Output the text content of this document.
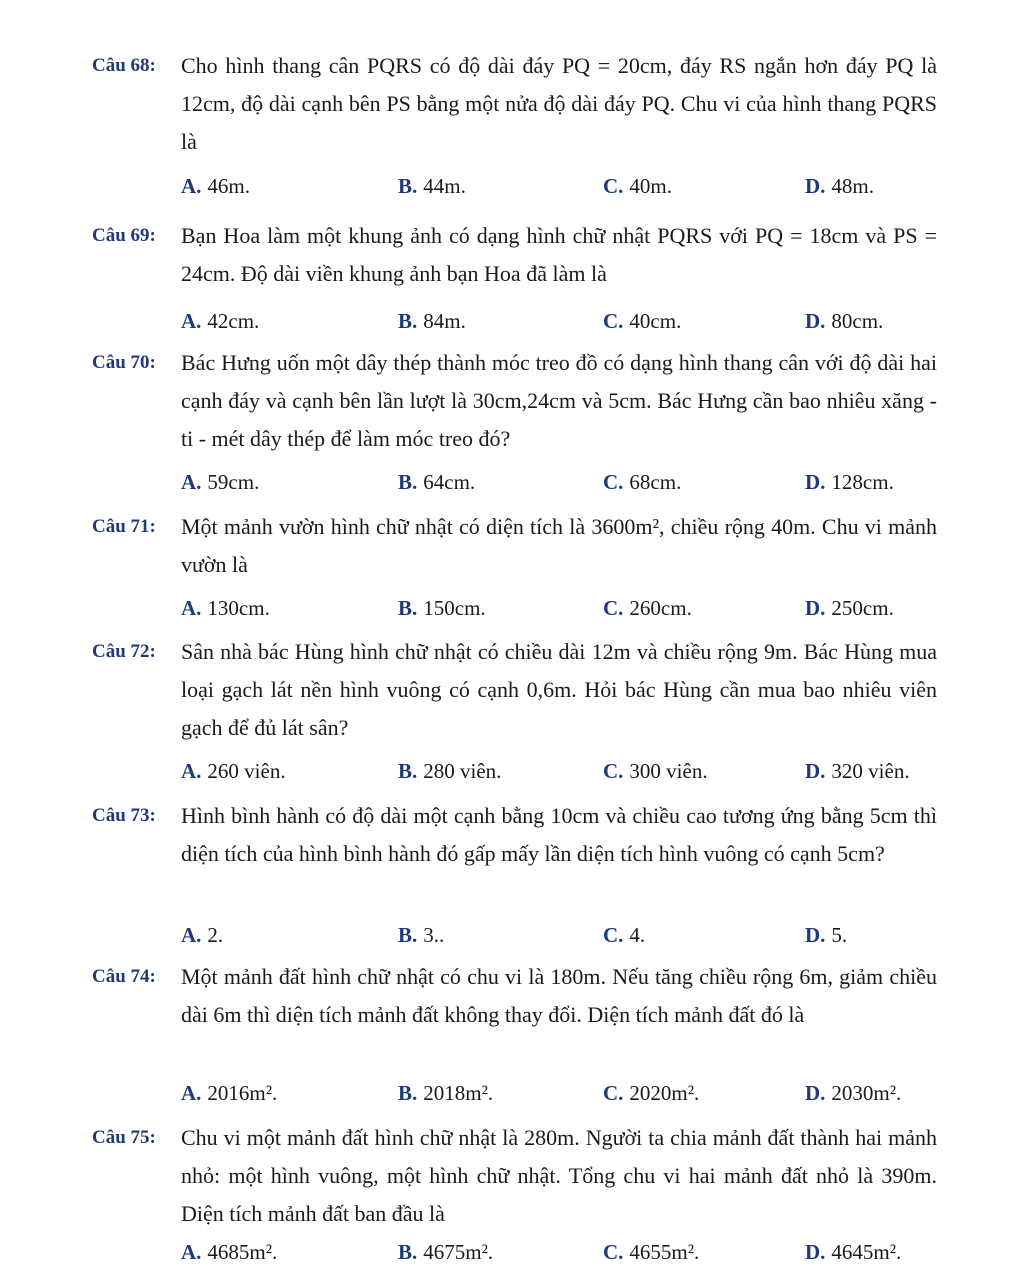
Câu 68: Cho hình thang cân PQRS có độ dài đáy PQ = 20cm, đáy RS ngắn hơn đáy PQ là 12cm, độ dài cạnh bên PS bằng một nửa độ dài đáy PQ. Chu vi của hình thang PQRS là
A. 46m.	B. 44m.	C. 40m.	D. 48m.
Câu 69: Bạn Hoa làm một khung ảnh có dạng hình chữ nhật PQRS với PQ = 18cm và PS = 24cm. Độ dài viền khung ảnh bạn Hoa đã làm là
A. 42cm.	B. 84m.	C. 40cm.	D. 80cm.
Câu 70: Bác Hưng uốn một dây thép thành móc treo đồ có dạng hình thang cân với độ dài hai cạnh đáy và cạnh bên lần lượt là 30cm,24cm và 5cm. Bác Hưng cần bao nhiêu xăng - ti - mét dây thép để làm móc treo đó?
A. 59cm.	B. 64cm.	C. 68cm.	D. 128cm.
Câu 71: Một mảnh vườn hình chữ nhật có diện tích là 3600m², chiều rộng 40m. Chu vi mảnh vườn là
A. 130cm.	B. 150cm.	C. 260cm.	D. 250cm.
Câu 72: Sân nhà bác Hùng hình chữ nhật có chiều dài 12m và chiều rộng 9m. Bác Hùng mua loại gạch lát nền hình vuông có cạnh 0,6m. Hỏi bác Hùng cần mua bao nhiêu viên gạch để đủ lát sân?
A. 260 viên.	B. 280 viên.	C. 300 viên.	D. 320 viên.
Câu 73: Hình bình hành có độ dài một cạnh bằng 10cm và chiều cao tương ứng bằng 5cm thì diện tích của hình bình hành đó gấp mấy lần diện tích hình vuông có cạnh 5cm?
A. 2.	B. 3..	C. 4.	D. 5.
Câu 74: Một mảnh đất hình chữ nhật có chu vi là 180m. Nếu tăng chiều rộng 6m, giảm chiều dài 6m thì diện tích mảnh đất không thay đổi. Diện tích mảnh đất đó là
A. 2016m².	B. 2018m².	C. 2020m².	D. 2030m².
Câu 75: Chu vi một mảnh đất hình chữ nhật là 280m. Người ta chia mảnh đất thành hai mảnh nhỏ: một hình vuông, một hình chữ nhật. Tổng chu vi hai mảnh đất nhỏ là 390m. Diện tích mảnh đất ban đầu là
A. 4685m².	B. 4675m².	C. 4655m².	D. 4645m².
